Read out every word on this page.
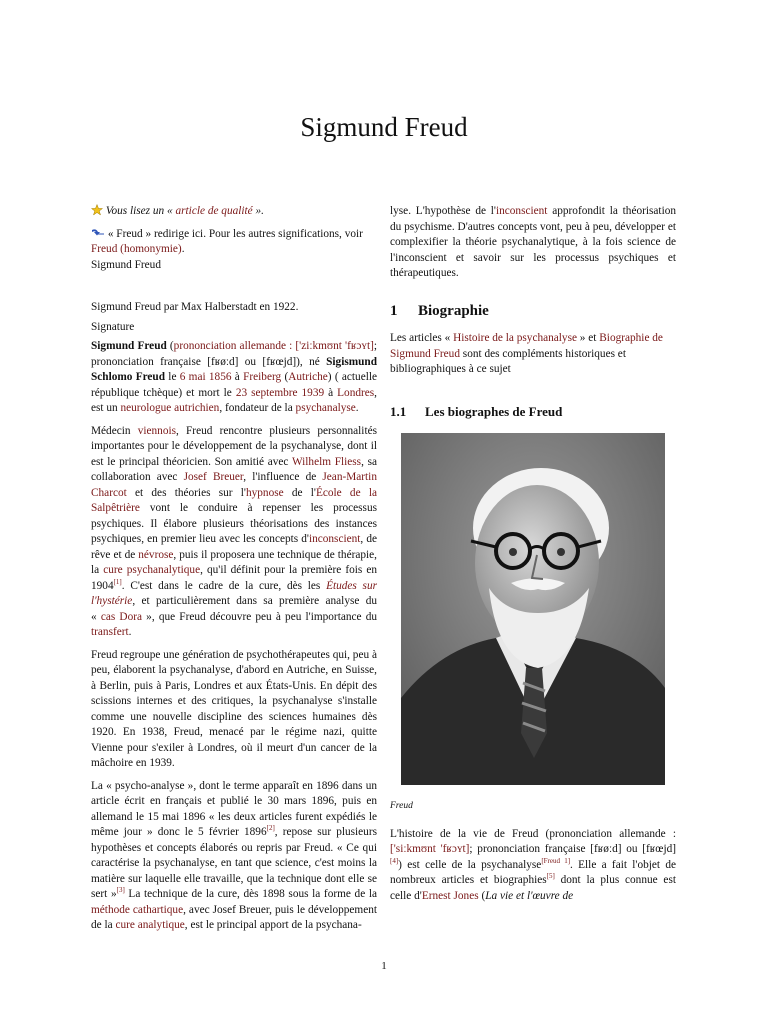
Sigmund Freud

Vous lisez un « article de qualité ».

« Freud » redirige ici. Pour les autres significations, voir Freud (homonymie).

Sigmund Freud

Sigmund Freud par Max Halberstadt en 1922.

Signature

Sigmund Freud (prononciation allemande : ['ziːkmʊnt 'fʁɔʏt]; prononciation française [fʁøːd] ou [fʁœjd]), né Sigismund Schlomo Freud le 6 mai 1856 à Freiberg (Autriche) ( actuelle république tchèque) et mort le 23 septembre 1939 à Londres, est un neurologue autrichien, fondateur de la psychanalyse.

Médecin viennois, Freud rencontre plusieurs personnalités importantes pour le développement de la psychanalyse, dont il est le principal théoricien. Son amitié avec Wilhelm Fliess, sa collaboration avec Josef Breuer, l'influence de Jean-Martin Charcot et des théories sur l'hypnose de l'École de la Salpêtrière vont le conduire à repenser les processus psychiques. Il élabore plusieurs théorisations des instances psychiques, en premier lieu avec les concepts d'inconscient, de rêve et de névrose, puis il proposera une technique de thérapie, la cure psychanalytique, qu'il définit pour la première fois en 1904[1]. C'est dans le cadre de la cure, dès les Études sur l'hystérie, et particulièrement dans sa première analyse du « cas Dora », que Freud découvre peu à peu l'importance du transfert.

Freud regroupe une génération de psychothérapeutes qui, peu à peu, élaborent la psychanalyse, d'abord en Autriche, en Suisse, à Berlin, puis à Paris, Londres et aux États-Unis. En dépit des scissions internes et des critiques, la psychanalyse s'installe comme une nouvelle discipline des sciences humaines dès 1920. En 1938, Freud, menacé par le régime nazi, quitte Vienne pour s'exiler à Londres, où il meurt d'un cancer de la mâchoire en 1939.

La « psycho-analyse », dont le terme apparaît en 1896 dans un article écrit en français et publié le 30 mars 1896, puis en allemand le 15 mai 1896 « les deux articles furent expédiés le même jour » donc le 5 février 1896[2], repose sur plusieurs hypothèses et concepts élaborés ou repris par Freud. « Ce qui caractérise la psychanalyse, en tant que science, c'est moins la matière sur laquelle elle travaille, que la technique dont elle se sert »[3] La technique de la cure, dès 1898 sous la forme de la méthode cathartique, avec Josef Breuer, puis le développement de la cure analytique, est le principal apport de la psychana-

lyse. L'hypothèse de l'inconscient approfondit la théorisation du psychisme. D'autres concepts vont, peu à peu, développer et complexifier la théorie psychanalytique, à la fois science de l'inconscient et savoir sur les processus psychiques et thérapeutiques.

1 Biographie

Les articles « Histoire de la psychanalyse » et Biographie de Sigmund Freud sont des compléments historiques et bibliographiques à ce sujet

1.1 Les biographes de Freud
Freud

L'histoire de la vie de Freud (prononciation allemande : ['siːkmʊnt 'fʁɔʏt]; prononciation française [fʁøːd] ou [fʁœjd][4]) est celle de la psychanalyse[Freud 1]. Elle a fait l'objet de nombreux articles et biographies[5] dont la plus connue est celle d'Ernest Jones (La vie et l'œuvre de

1
